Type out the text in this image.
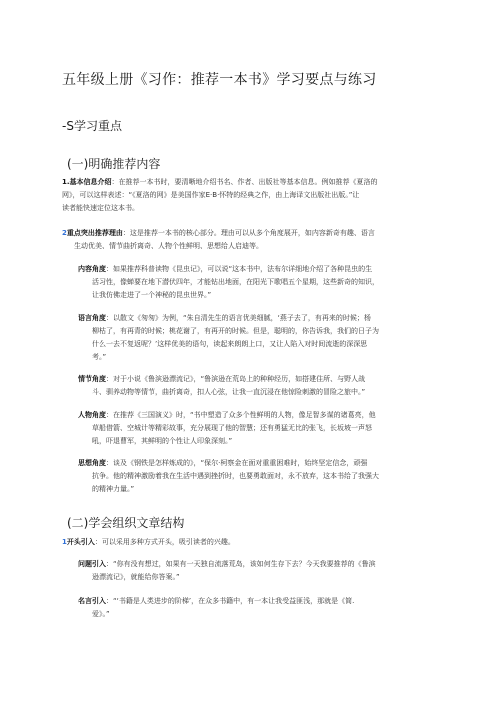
五年级上册《习作：推荐一本书》学习要点与练习
-S学习重点
(一)明确推荐内容
1.基本信息介绍：在推荐一本书时，要清晰地介绍书名、作者、出版社等基本信息。例如推荐《夏洛的
网》，可以这样表述：“《夏洛的网》是美国作家E·B·怀特的经典之作，由上海译文出版社出版。”让
读者能快速定位这本书。
2重点突出推荐理由：这是推荐一本书的核心部分。理由可以从多个角度展开，如内容新奇有趣、语言
生动优美、情节曲折离奇、人物个性鲜明、思想给人启迪等。
内容角度：如果推荐科普读物《昆虫记》，可以说“这本书中，法布尔详细地介绍了各种昆虫的生
活习性，像蝉要在地下潜伏四年，才能钻出地面，在阳光下歌唱五个星期，这些新奇的知识，
让我仿佛走进了一个神秘的昆虫世界。”
语言角度：以散文《匆匆》为例，“朱自清先生的语言优美细腻，‘燕子去了，有再来的时候；杨
柳枯了，有再青的时候；桃花谢了，有再开的时候。但是，聪明的，你告诉我，我们的日子为
什么一去不复返呢？’这样优美的语句，读起来朗朗上口，又让人陷入对时间流逝的深深思
考。”
情节角度：对于小说《鲁滨逊漂流记》，“鲁滨逊在荒岛上的种种经历，如搭建住所、与野人战
斗、驯养动物等情节，曲折离奇，扣人心弦，让我一直沉浸在他惊险刺激的冒险之旅中。”
人物角度：在推荐《三国演义》时，“书中塑造了众多个性鲜明的人物，像足智多谋的诸葛亮，他
草船借箭、空城计等精彩故事，充分展现了他的智慧；还有勇猛无比的张飞，长坂坡一声怒
吼，吓退曹军，其鲜明的个性让人印象深刻。”
思想角度：谈及《钢铁是怎样炼成的》，“保尔·柯察金在面对重重困难时，始终坚定信念，顽强
抗争。他的精神激励着我在生活中遇到挫折时，也要勇敢面对，永不放弃，这本书给了我强大
的精神力量。”
(二)学会组织文章结构
1开头引入：可以采用多种方式开头，吸引读者的兴趣。
问题引入：“你有没有想过，如果有一天独自流落荒岛，该如何生存下去？今天我要推荐的《鲁滨
逊漂流记》，就能给你答案。”
名言引入：“‘书籍是人类进步的阶梯’，在众多书籍中，有一本让我受益匪浅，那就是《简.
爱》。”
